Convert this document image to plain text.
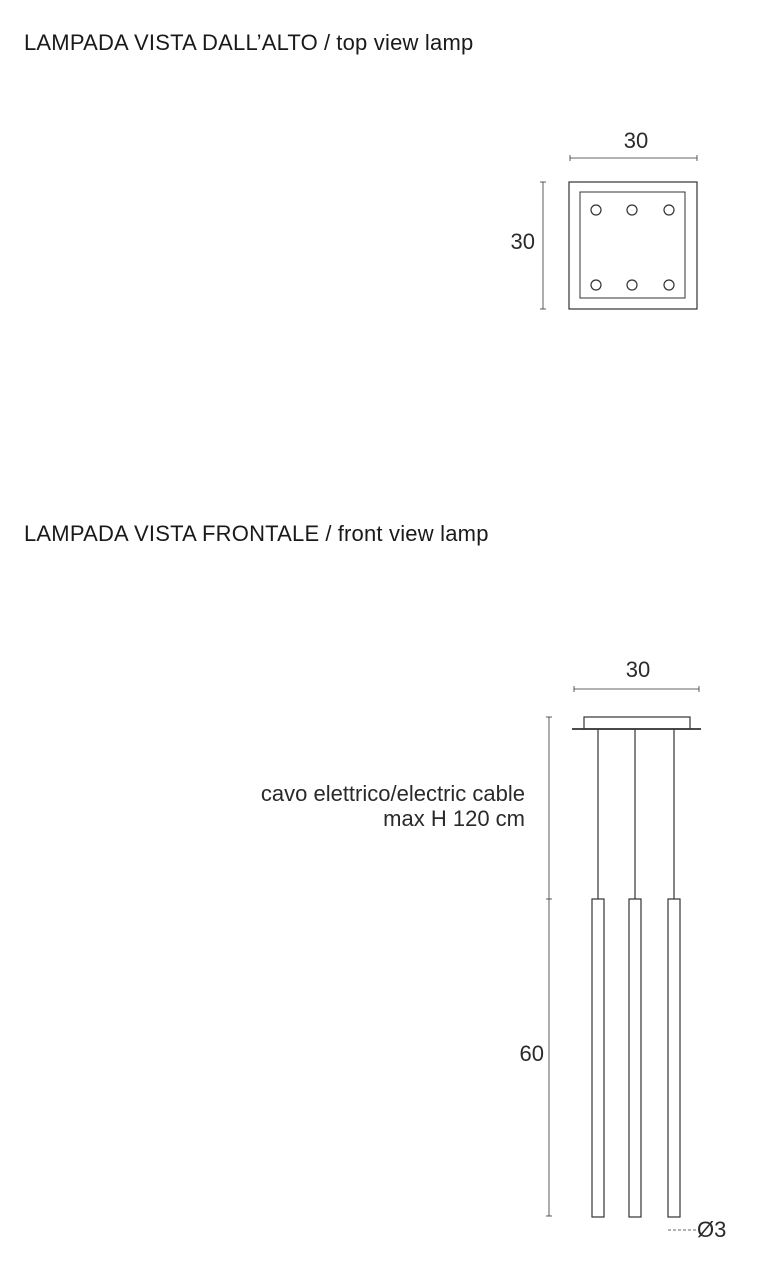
LAMPADA VISTA DALL’ALTO / top view lamp
LAMPADA VISTA FRONTALE / front view lamp
30
30
30
cavo elettrico/electric cable
max H 120 cm
60
Ø3
